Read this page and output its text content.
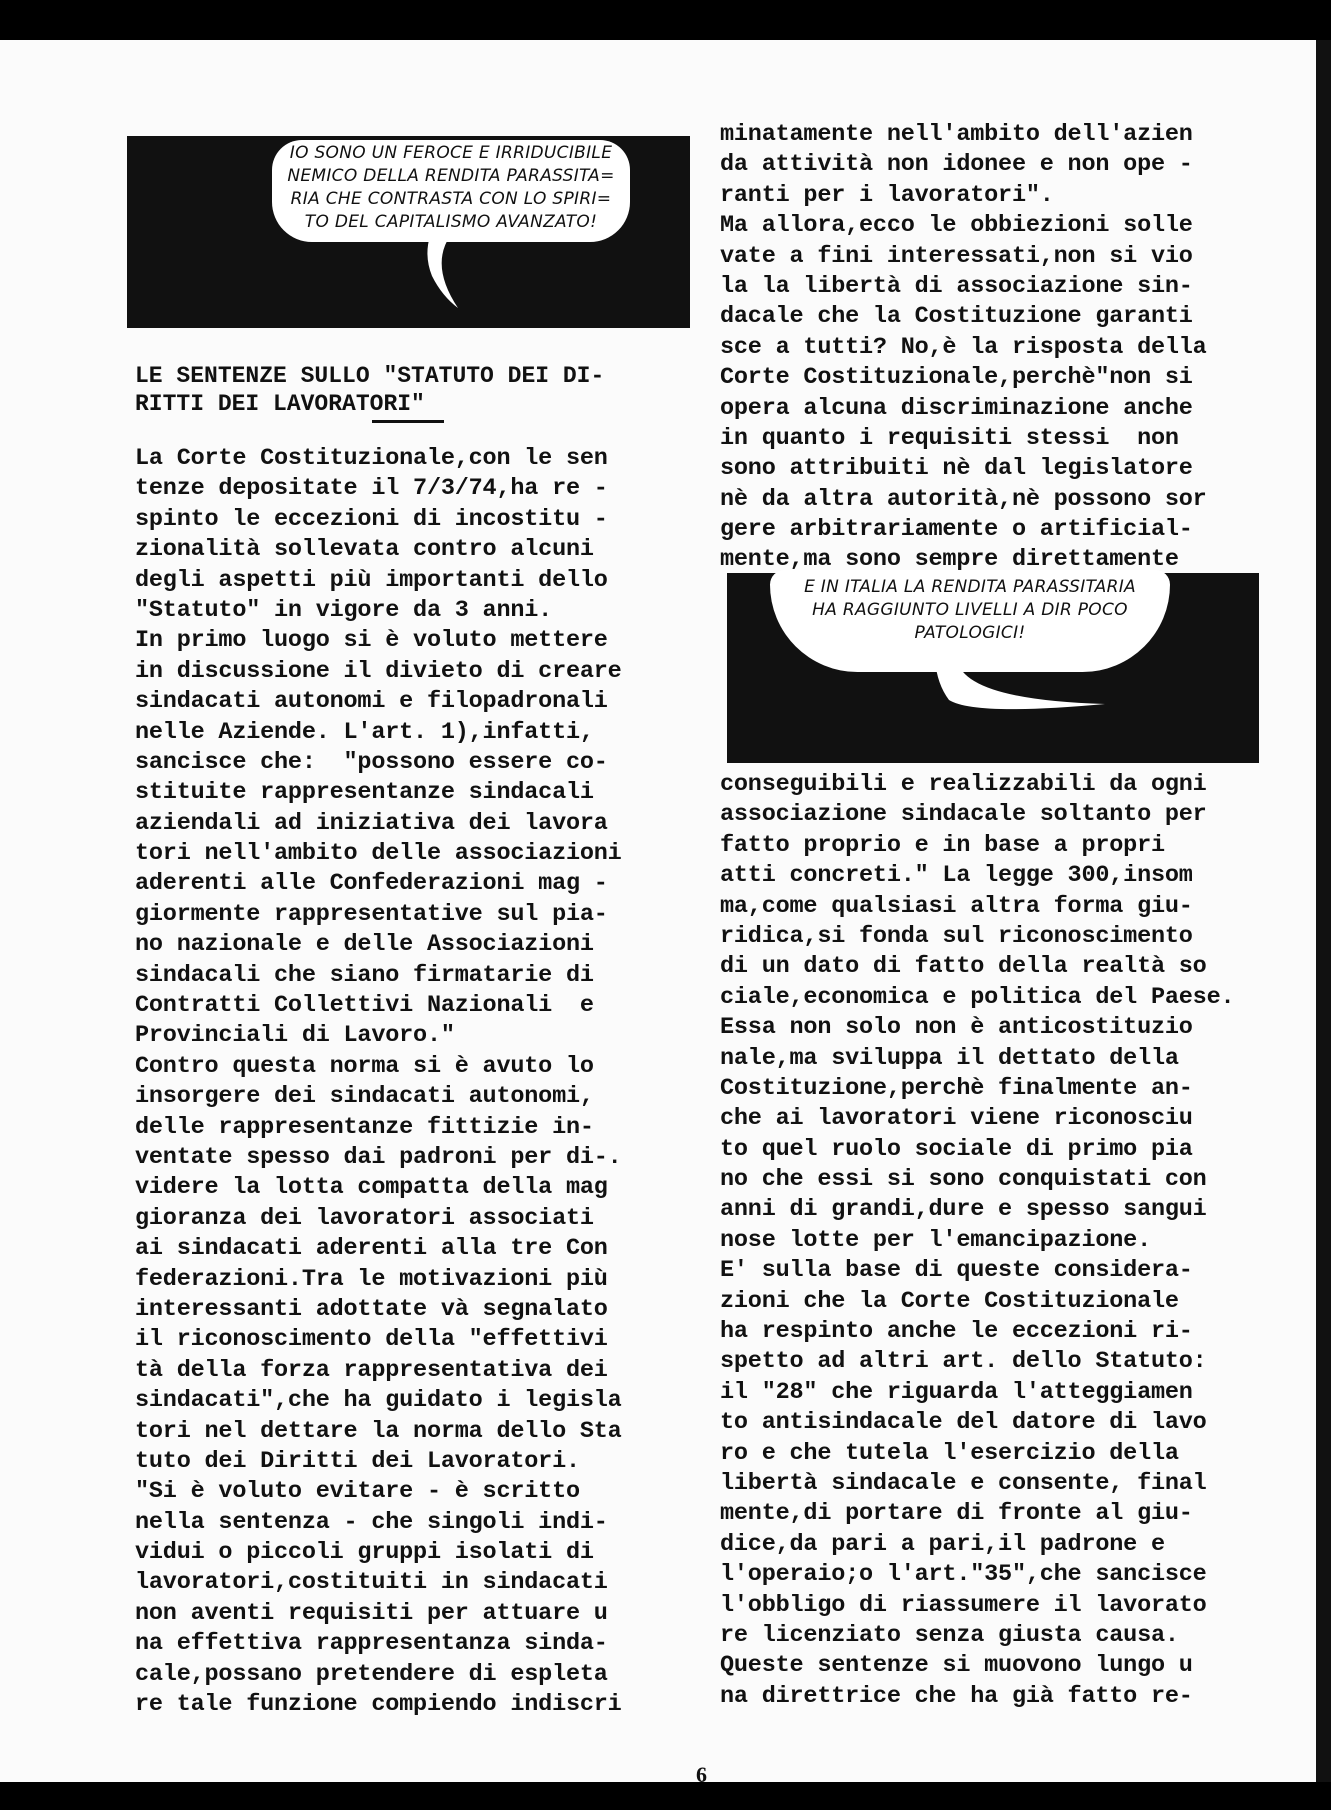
IO SONO UN FEROCE E IRRIDUCIBILE
NEMICO DELLA RENDITA PARASSITA=
RIA CHE CONTRASTA CON LO SPIRI=
TO DEL CAPITALISMO AVANZATO!
E IN ITALIA LA RENDITA PARASSITARIA
HA RAGGIUNTO LIVELLI A DIR POCO
PATOLOGICI!
LE SENTENZE SULLO "STATUTO DEI DI-
RITTI DEI LAVORATORI"
La Corte Costituzionale,con le sen
tenze depositate il 7/3/74,ha re -
spinto le eccezioni di incostitu -
zionalità sollevata contro alcuni
degli aspetti più importanti dello
"Statuto" in vigore da 3 anni.
In primo luogo si è voluto mettere
in discussione il divieto di creare
sindacati autonomi e filopadronali
nelle Aziende. L'art. 1),infatti,
sancisce che:  "possono essere co-
stituite rappresentanze sindacali
aziendali ad iniziativa dei lavora
tori nell'ambito delle associazioni
aderenti alle Confederazioni mag -
giormente rappresentative sul pia-
no nazionale e delle Associazioni
sindacali che siano firmatarie di
Contratti Collettivi Nazionali  e
Provinciali di Lavoro."
Contro questa norma si è avuto lo
insorgere dei sindacati autonomi,
delle rappresentanze fittizie in-
ventate spesso dai padroni per di-.
videre la lotta compatta della mag
gioranza dei lavoratori associati
ai sindacati aderenti alla tre Con
federazioni.Tra le motivazioni più
interessanti adottate và segnalato
il riconoscimento della "effettivi
tà della forza rappresentativa dei
sindacati",che ha guidato i legisla
tori nel dettare la norma dello Sta
tuto dei Diritti dei Lavoratori.
"Si è voluto evitare - è scritto
nella sentenza - che singoli indi-
vidui o piccoli gruppi isolati di
lavoratori,costituiti in sindacati
non aventi requisiti per attuare u
na effettiva rappresentanza sinda-
cale,possano pretendere di espleta
re tale funzione compiendo indiscri
minatamente nell'ambito dell'azien
da attività non idonee e non ope -
ranti per i lavoratori".
Ma allora,ecco le obbiezioni solle
vate a fini interessati,non si vio
la la libertà di associazione sin-
dacale che la Costituzione garanti
sce a tutti? No,è la risposta della
Corte Costituzionale,perchè"non si
opera alcuna discriminazione anche
in quanto i requisiti stessi  non
sono attribuiti nè dal legislatore
nè da altra autorità,nè possono sor
gere arbitrariamente o artificial-
mente,ma sono sempre direttamente
conseguibili e realizzabili da ogni
associazione sindacale soltanto per
fatto proprio e in base a propri
atti concreti." La legge 300,insom
ma,come qualsiasi altra forma giu-
ridica,si fonda sul riconoscimento
di un dato di fatto della realtà so
ciale,economica e politica del Paese.
Essa non solo non è anticostituzio
nale,ma sviluppa il dettato della
Costituzione,perchè finalmente an-
che ai lavoratori viene riconosciu
to quel ruolo sociale di primo pia
no che essi si sono conquistati con
anni di grandi,dure e spesso sangui
nose lotte per l'emancipazione.
E' sulla base di queste considera-
zioni che la Corte Costituzionale
ha respinto anche le eccezioni ri-
spetto ad altri art. dello Statuto:
il "28" che riguarda l'atteggiamen
to antisindacale del datore di lavo
ro e che tutela l'esercizio della
libertà sindacale e consente, final
mente,di portare di fronte al giu-
dice,da pari a pari,il padrone e
l'operaio;o l'art."35",che sancisce
l'obbligo di riassumere il lavorato
re licenziato senza giusta causa.
Queste sentenze si muovono lungo u
na direttrice che ha già fatto re-
6
